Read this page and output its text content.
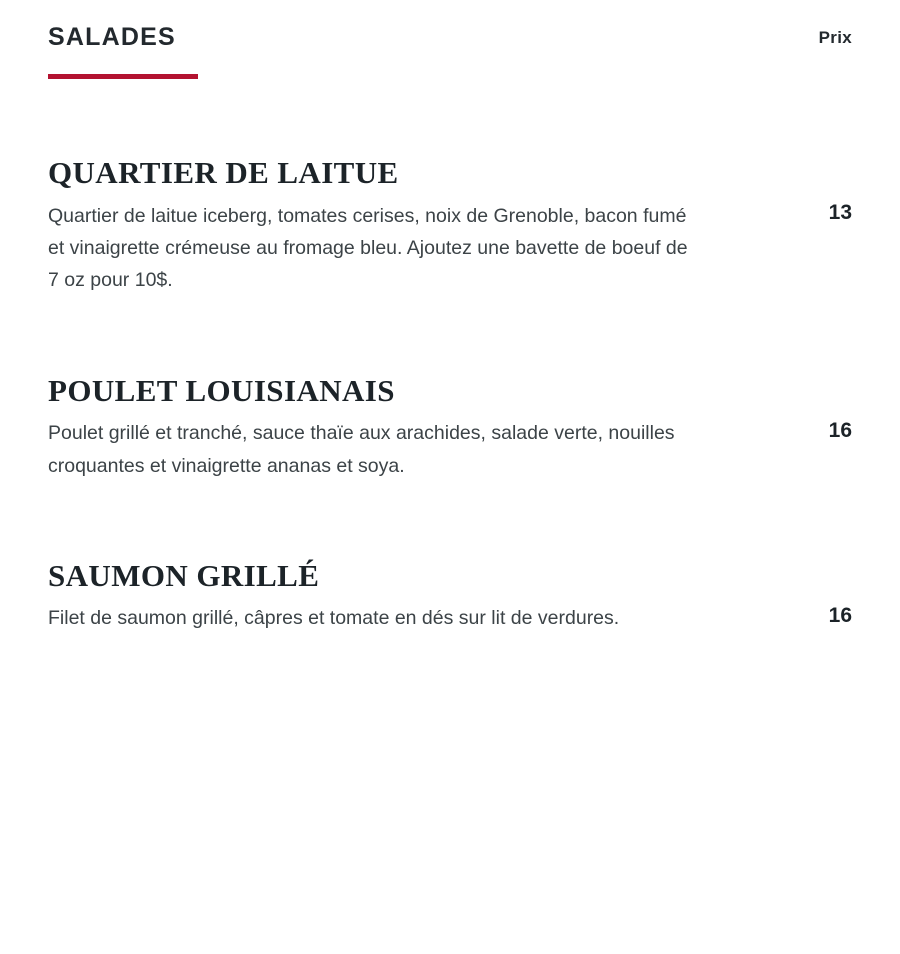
SALADES	Prix
QUARTIER DE LAITUE

Quartier de laitue iceberg, tomates cerises, noix de Grenoble, bacon fumé et vinaigrette crémeuse au fromage bleu. Ajoutez une bavette de boeuf de 7 oz pour 10$.

13
POULET LOUISIANAIS

Poulet grillé et tranché, sauce thaïe aux arachides, salade verte, nouilles croquantes et vinaigrette ananas et soya.

16
SAUMON GRILLÉ

Filet de saumon grillé, câpres et tomate en dés sur lit de verdures.	16
